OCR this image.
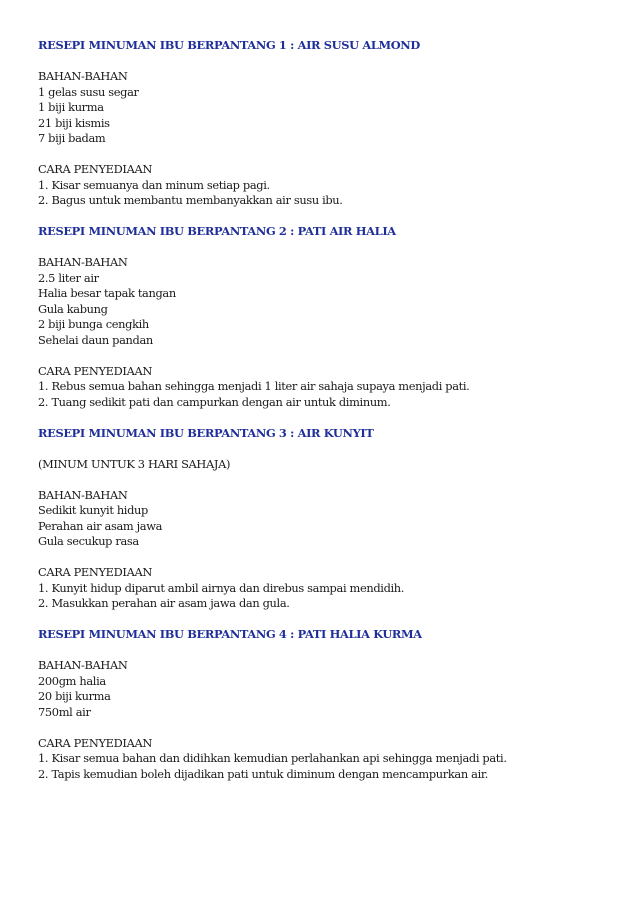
RESEPI MINUMAN IBU BERPANTANG 1 : AIR SUSU ALMOND

BAHAN-BAHAN

1 gelas susu segar

1 biji kurma

21 biji kismis

7 biji badam

CARA PENYEDIAAN

1. Kisar semuanya dan minum setiap pagi.

2. Bagus untuk membantu membanyakkan air susu ibu.

RESEPI MINUMAN IBU BERPANTANG 2 : PATI AIR HALIA

BAHAN-BAHAN

2.5 liter air

Halia besar tapak tangan

Gula kabung

2 biji bunga cengkih

Sehelai daun pandan

CARA PENYEDIAAN

1. Rebus semua bahan sehingga menjadi 1 liter air sahaja supaya menjadi pati.

2. Tuang sedikit pati dan campurkan dengan air untuk diminum.

RESEPI MINUMAN IBU BERPANTANG 3 : AIR KUNYIT

(MINUM UNTUK 3 HARI SAHAJA)

BAHAN-BAHAN

Sedikit kunyit hidup

Perahan air asam jawa

Gula secukup rasa

CARA PENYEDIAAN

1. Kunyit hidup diparut ambil airnya dan direbus sampai mendidih.

2. Masukkan perahan air asam jawa dan gula.

RESEPI MINUMAN IBU BERPANTANG 4 : PATI HALIA KURMA

BAHAN-BAHAN

200gm halia

20 biji kurma

750ml air

CARA PENYEDIAAN

1. Kisar semua bahan dan didihkan kemudian perlahankan api sehingga menjadi pati.

2. Tapis kemudian boleh dijadikan pati untuk diminum dengan mencampurkan air.
